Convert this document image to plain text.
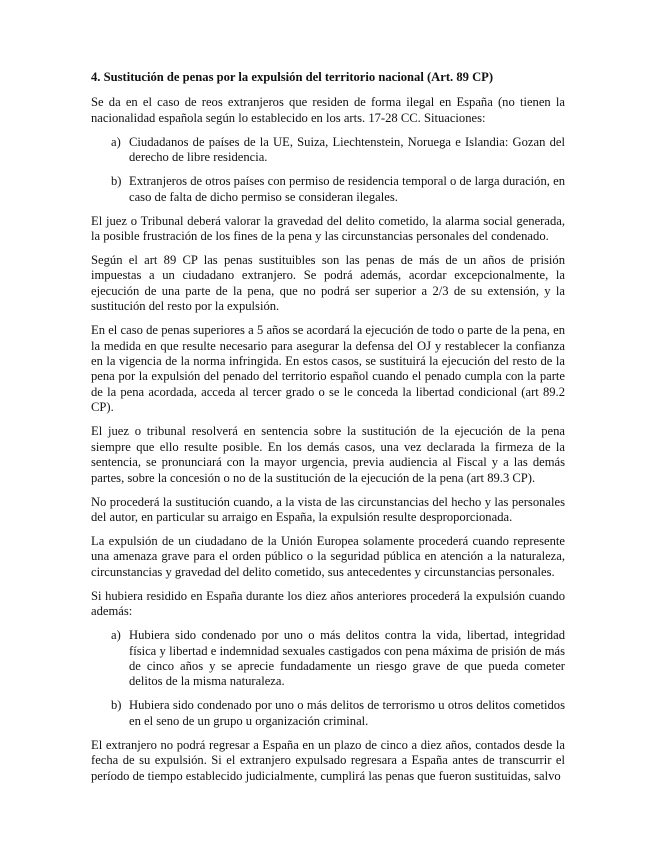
4. Sustitución de penas por la expulsión del territorio nacional (Art. 89 CP)

Se da en el caso de reos extranjeros que residen de forma ilegal en España (no tienen la nacionalidad española según lo establecido en los arts. 17-28 CC. Situaciones:

a) Ciudadanos de países de la UE, Suiza, Liechtenstein, Noruega e Islandia: Gozan del derecho de libre residencia.
b) Extranjeros de otros países con permiso de residencia temporal o de larga duración, en caso de falta de dicho permiso se consideran ilegales.

El juez o Tribunal deberá valorar la gravedad del delito cometido, la alarma social generada, la posible frustración de los fines de la pena y las circunstancias personales del condenado.

Según el art 89 CP las penas sustituibles son las penas de más de un años de prisión impuestas a un ciudadano extranjero. Se podrá además, acordar excepcionalmente, la ejecución de una parte de la pena, que no podrá ser superior a 2/3 de su extensión, y la sustitución del resto por la expulsión.

En el caso de penas superiores a 5 años se acordará la ejecución de todo o parte de la pena, en la medida en que resulte necesario para asegurar la defensa del OJ y restablecer la confianza en la vigencia de la norma infringida. En estos casos, se sustituirá la ejecución del resto de la pena por la expulsión del penado del territorio español cuando el penado cumpla con la parte de la pena acordada, acceda al tercer grado o se le conceda la libertad condicional (art 89.2 CP).

El juez o tribunal resolverá en sentencia sobre la sustitución de la ejecución de la pena siempre que ello resulte posible. En los demás casos, una vez declarada la firmeza de la sentencia, se pronunciará con la mayor urgencia, previa audiencia al Fiscal y a las demás partes, sobre la concesión o no de la sustitución de la ejecución de la pena (art 89.3 CP).

No procederá la sustitución cuando, a la vista de las circunstancias del hecho y las personales del autor, en particular su arraigo en España, la expulsión resulte desproporcionada.

La expulsión de un ciudadano de la Unión Europea solamente procederá cuando represente una amenaza grave para el orden público o la seguridad pública en atención a la naturaleza, circunstancias y gravedad del delito cometido, sus antecedentes y circunstancias personales.

Si hubiera residido en España durante los diez años anteriores procederá la expulsión cuando además:

a) Hubiera sido condenado por uno o más delitos contra la vida, libertad, integridad física y libertad e indemnidad sexuales castigados con pena máxima de prisión de más de cinco años y se aprecie fundadamente un riesgo grave de que pueda cometer delitos de la misma naturaleza.
b) Hubiera sido condenado por uno o más delitos de terrorismo u otros delitos cometidos en el seno de un grupo u organización criminal.

El extranjero no podrá regresar a España en un plazo de cinco a diez años, contados desde la fecha de su expulsión. Si el extranjero expulsado regresara a España antes de transcurrir el período de tiempo establecido judicialmente, cumplirá las penas que fueron sustituidas, salvo
